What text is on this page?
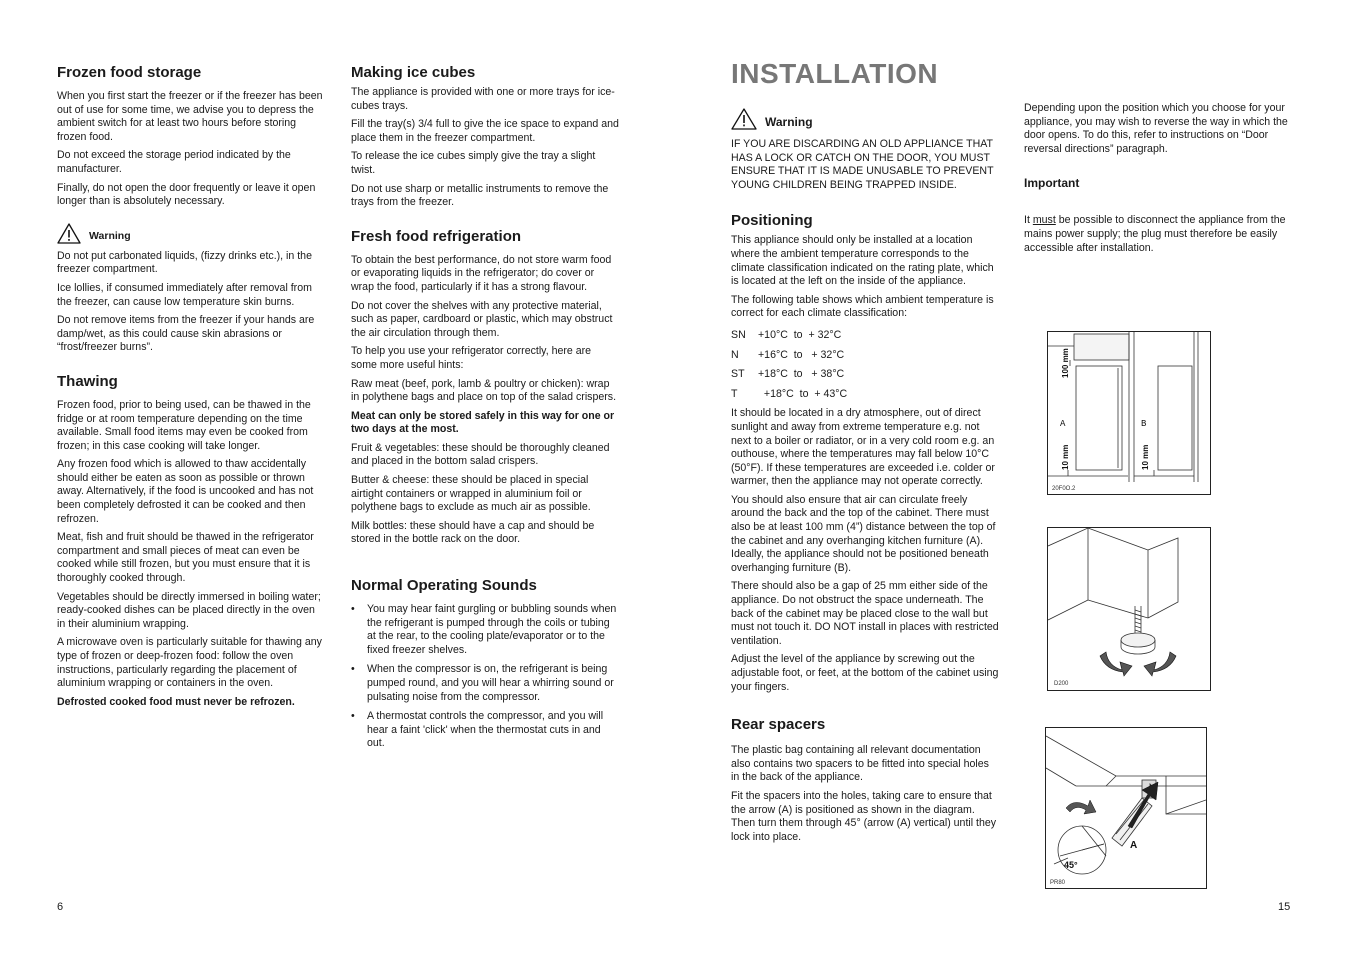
Frozen food storage

When you first start the freezer or if the freezer has been out of use for some time, we advise you to depress the ambient switch for at least two hours before storing frozen food.

Do not exceed the storage period indicated by the manufacturer.

Finally, do not open the door frequently or leave it open longer than is absolutely necessary.

Warning

Do not put carbonated liquids, (fizzy drinks etc.), in the freezer compartment.

Ice lollies, if consumed immediately after removal from the freezer, can cause low temperature skin burns.

Do not remove items from the freezer if your hands are damp/wet, as this could cause skin abrasions or “frost/freezer burns”.

Thawing

Frozen food, prior to being used, can be thawed in the fridge or at room temperature depending on the time available. Small food items may even be cooked from frozen; in this case cooking will take longer.

Any frozen food which is allowed to thaw accidentally should either be eaten as soon as possible or thrown away. Alternatively, if the food is uncooked and has not been completely defrosted it can be cooked and then refrozen.

Meat, fish and fruit should be thawed in the refrigerator compartment and small pieces of meat can even be cooked while still frozen, but you must ensure that it is thoroughly cooked through.

Vegetables should be directly immersed in boiling water; ready-cooked dishes can be placed directly in the oven in their aluminium wrapping.

A microwave oven is particularly suitable for thawing any type of frozen or deep-frozen food: follow the oven instructions, particularly regarding the placement of aluminium wrapping or containers in the oven.

Defrosted cooked food must never be refrozen.

Making ice cubes

The appliance is provided with one or more trays for ice-cubes trays.

Fill the tray(s) 3/4 full to give the ice space to expand and place them in the freezer compartment.

To release the ice cubes simply give the tray a slight twist.

Do not use sharp or metallic instruments to remove the trays from the freezer.

Fresh food refrigeration

To obtain the best performance, do not store warm food or evaporating liquids in the refrigerator; do cover or wrap the food, particularly if it has a strong flavour.

Do not cover the shelves with any protective material, such as paper, cardboard or plastic, which may obstruct the air circulation through them.

To help you use your refrigerator correctly, here are some more useful hints:

Raw meat (beef, pork, lamb & poultry or chicken): wrap in polythene bags and place on top of the salad crispers.

Meat can only be stored safely in this way for one or two days at the most.

Fruit & vegetables: these should be thoroughly cleaned and placed in the bottom salad crispers.

Butter & cheese: these should be placed in special airtight containers or wrapped in aluminium foil or polythene bags to exclude as much air as possible.

Milk bottles: these should have a cap and should be stored in the bottle rack on the door.

Normal Operating Sounds
• You may hear faint gurgling or bubbling sounds when the refrigerant is pumped through the coils or tubing at the rear, to the cooling plate/evaporator or to the fixed freezer shelves.
• When the compressor is on, the refrigerant is being pumped round, and you will hear a whirring sound or pulsating noise from the compressor.
• A thermostat controls the compressor, and you will hear a faint 'click' when the thermostat cuts in and out.
INSTALLATION
Warning

IF YOU ARE DISCARDING AN OLD APPLIANCE THAT HAS A LOCK OR CATCH ON THE DOOR, YOU MUST ENSURE THAT IT IS MADE UNUSABLE TO PREVENT YOUNG CHILDREN BEING TRAPPED INSIDE.

Positioning

This appliance should only be installed at a location where the ambient temperature corresponds to the climate classification indicated on the rating plate, which is located at the left on the inside of the appliance.

The following table shows which ambient temperature is correct for each climate classification:

SN	+10°C  to  + 32°C
N	+16°C  to   + 32°C
ST	+18°C  to   + 38°C
T	+18°C  to  + 43°C

It should be located in a dry atmosphere, out of direct sunlight and away from extreme temperature e.g. not next to a boiler or radiator, or in a very cold room e.g. an outhouse, where the temperatures may fall below 10°C (50°F). If these temperatures are exceeded i.e. colder or warmer, then the appliance may not operate correctly.

You should also ensure that air can circulate freely around the back and the top of the cabinet. There must also be at least 100 mm (4”) distance between the top of the cabinet and any overhanging kitchen furniture (A). Ideally, the appliance should not be positioned beneath overhanging furniture (B).

There should also be a gap of 25 mm either side of the appliance. Do not obstruct the space underneath. The back of the cabinet may be placed close to the wall but must not touch it. DO NOT install in places with restricted ventilation.

Adjust the level of the appliance by screwing out the adjustable foot, or feet, at the bottom of the cabinet using your fingers.

Rear spacers

The plastic bag containing all relevant documentation also contains two spacers to be fitted into special holes in the back of the appliance.

Fit the spacers into the holes, taking care to ensure that the arrow (A) is positioned as shown in the diagram. Then turn them through 45° (arrow (A) vertical) until they lock into place.

Depending upon the position which you choose for your appliance, you may wish to reverse the way in which the door opens. To do this, refer to instructions on “Door reversal directions” paragraph.

Important

It must be possible to disconnect the appliance from the mains power supply; the plug must therefore be easily accessible after installation.

100 mm
10 mm	10 mm
A	B
20F0O.2
D200
A
45°
PR80
6	15
